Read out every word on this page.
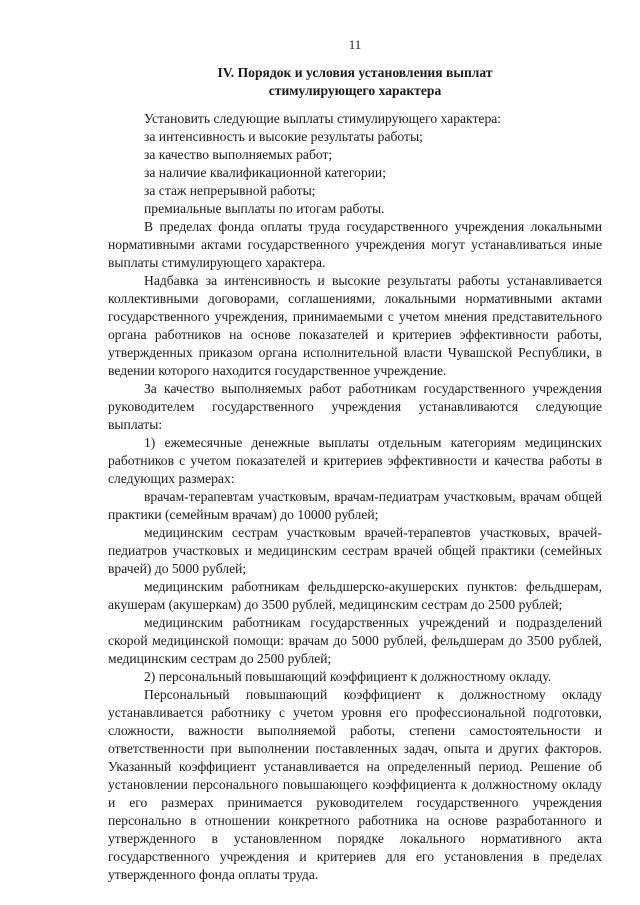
11
IV. Порядок и условия установления выплат
стимулирующего характера

Установить следующие выплаты стимулирующего характера:

за интенсивность и высокие результаты работы;

за качество выполняемых работ;

за наличие квалификационной категории;

за стаж непрерывной работы;

премиальные выплаты по итогам работы.

В пределах фонда оплаты труда государственного учреждения локальными нормативными актами государственного учреждения могут устанавливаться иные выплаты стимулирующего характера.

Надбавка за интенсивность и высокие результаты работы устанавливается коллективными договорами, соглашениями, локальными нормативными актами государственного учреждения, принимаемыми с учетом мнения представительного органа работников на основе показателей и критериев эффективности работы, утвержденных приказом органа исполнительной власти Чувашской Республики, в ведении которого находится государственное учреждение.

За качество выполняемых работ работникам государственного учреждения руководителем государственного учреждения устанавливаются следующие выплаты:

1) ежемесячные денежные выплаты отдельным категориям медицинских работников с учетом показателей и критериев эффективности и качества работы в следующих размерах:

врачам-терапевтам участковым, врачам-педиатрам участковым, врачам общей практики (семейным врачам) до 10000 рублей;

медицинским сестрам участковым врачей-терапевтов участковых, врачей-педиатров участковых и медицинским сестрам врачей общей практики (семейных врачей) до 5000 рублей;

медицинским работникам фельдшерско-акушерских пунктов: фельдшерам, акушерам (акушеркам) до 3500 рублей, медицинским сестрам до 2500 рублей;

медицинским работникам государственных учреждений и подразделений скорой медицинской помощи: врачам до 5000 рублей, фельдшерам до 3500 рублей, медицинским сестрам до 2500 рублей;

2) персональный повышающий коэффициент к должностному окладу.

Персональный повышающий коэффициент к должностному окладу устанавливается работнику с учетом уровня его профессиональной подготовки, сложности, важности выполняемой работы, степени самостоятельности и ответственности при выполнении поставленных задач, опыта и других факторов. Указанный коэффициент устанавливается на определенный период. Решение об установлении персонального повышающего коэффициента к должностному окладу и его размерах принимается руководителем государственного учреждения персонально в отношении конкретного работника на основе разработанного и утвержденного в установленном порядке локального нормативного акта государственного учреждения и критериев для его установления в пределах утвержденного фонда оплаты труда.
